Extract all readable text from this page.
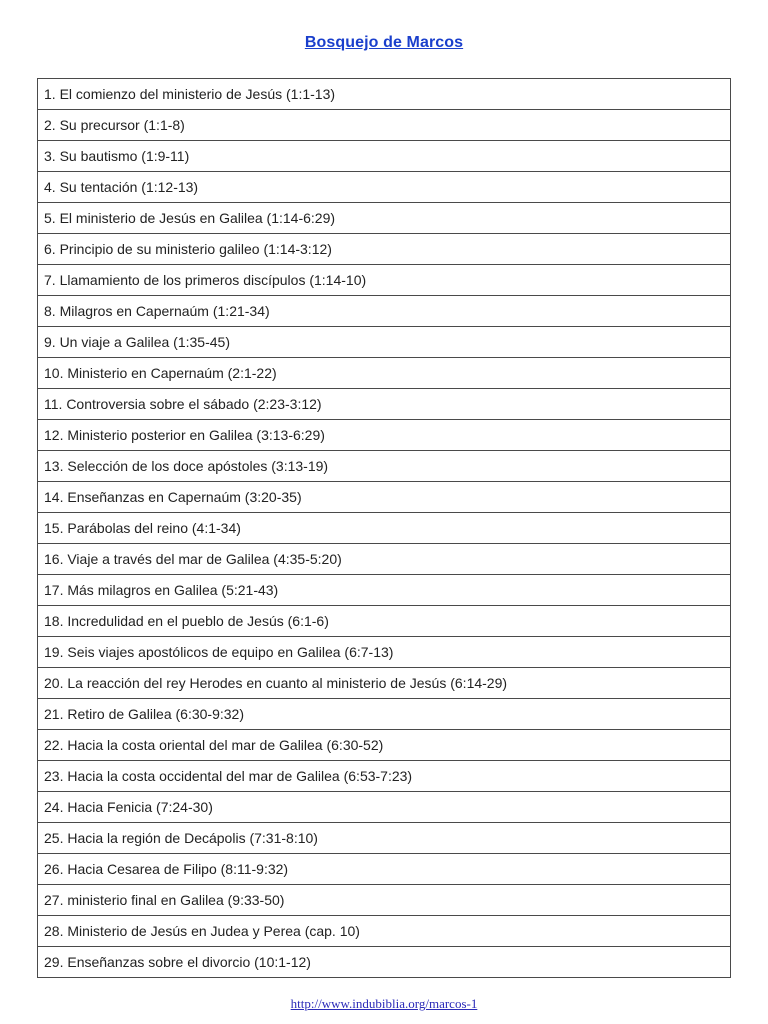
Bosquejo de Marcos
1. El comienzo del ministerio de Jesús (1:1-13)
2. Su precursor (1:1-8)
3. Su bautismo (1:9-11)
4. Su tentación (1:12-13)
5. El ministerio de Jesús en Galilea (1:14-6:29)
6. Principio de su ministerio galileo (1:14-3:12)
7. Llamamiento de los primeros discípulos (1:14-10)
8. Milagros en Capernaúm (1:21-34)
9. Un viaje a Galilea (1:35-45)
10. Ministerio en Capernaúm (2:1-22)
11. Controversia sobre el sábado (2:23-3:12)
12. Ministerio posterior en Galilea (3:13-6:29)
13. Selección de los doce apóstoles (3:13-19)
14. Enseñanzas en Capernaúm (3:20-35)
15. Parábolas del reino (4:1-34)
16. Viaje a través del mar de Galilea (4:35-5:20)
17. Más milagros en Galilea (5:21-43)
18. Incredulidad en el pueblo de Jesús (6:1-6)
19. Seis viajes apostólicos de equipo en Galilea (6:7-13)
20. La reacción del rey Herodes en cuanto al ministerio de Jesús (6:14-29)
21. Retiro de Galilea (6:30-9:32)
22. Hacia la costa oriental del mar de Galilea (6:30-52)
23. Hacia la costa occidental del mar de Galilea (6:53-7:23)
24. Hacia Fenicia (7:24-30)
25. Hacia la región de Decápolis (7:31-8:10)
26. Hacia Cesarea de Filipo (8:11-9:32)
27. ministerio final en Galilea (9:33-50)
28. Ministerio de Jesús en Judea y Perea (cap. 10)
29. Enseñanzas sobre el divorcio (10:1-12)
http://www.indubiblia.org/marcos-1
